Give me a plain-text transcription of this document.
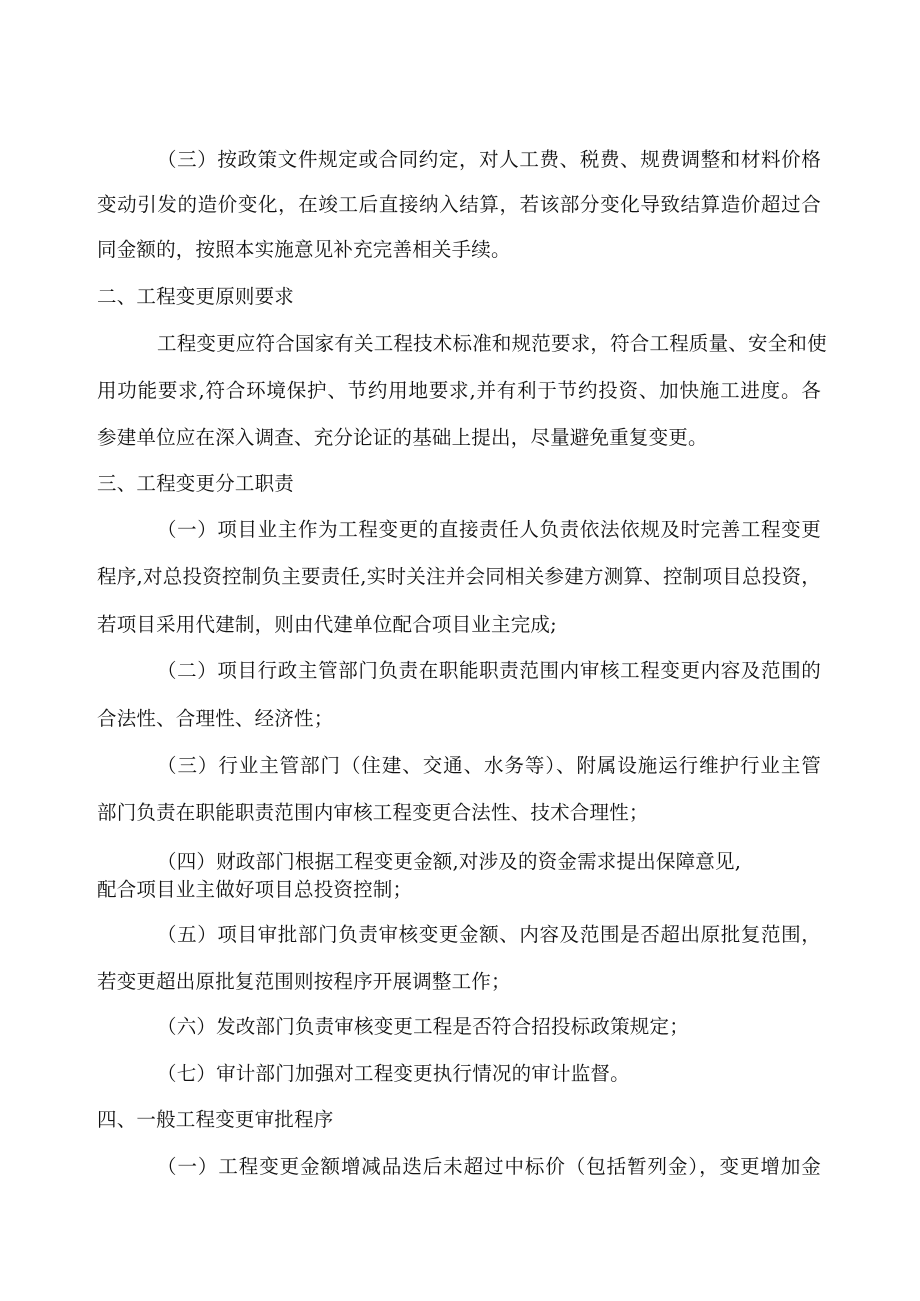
（三）按政策文件规定或合同约定，对人工费、税费、规费调整和材料价格
变动引发的造价变化，在竣工后直接纳入结算，若该部分变化导致结算造价超过合
同金额的，按照本实施意见补充完善相关手续。
二、工程变更原则要求
工程变更应符合国家有关工程技术标准和规范要求，符合工程质量、安全和使
用功能要求,符合环境保护、节约用地要求,并有利于节约投资、加快施工进度。各
参建单位应在深入调查、充分论证的基础上提出，尽量避免重复变更。
三、工程变更分工职责
（一）项目业主作为工程变更的直接责任人负责依法依规及时完善工程变更
程序,对总投资控制负主要责任,实时关注并会同相关参建方测算、控制项目总投资，
若项目采用代建制，则由代建单位配合项目业主完成;
（二）项目行政主管部门负责在职能职责范围内审核工程变更内容及范围的
合法性、合理性、经济性；
（三）行业主管部门（住建、交通、水务等）、附属设施运行维护行业主管
部门负责在职能职责范围内审核工程变更合法性、技术合理性；
（四）财政部门根据工程变更金额,对涉及的资金需求提出保障意见,
配合项目业主做好项目总投资控制；
（五）项目审批部门负责审核变更金额、内容及范围是否超出原批复范围，
若变更超出原批复范围则按程序开展调整工作；
（六）发改部门负责审核变更工程是否符合招投标政策规定；
（七）审计部门加强对工程变更执行情况的审计监督。
四、一般工程变更审批程序
（一）工程变更金额增减品迭后未超过中标价（包括暂列金），变更增加金
